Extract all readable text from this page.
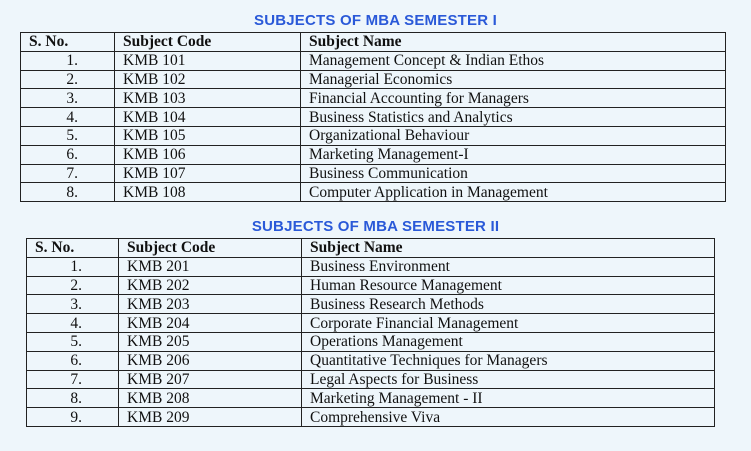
SUBJECTS OF MBA SEMESTER I
S. No.	Subject Code	Subject Name
1.	KMB 101	Management Concept & Indian Ethos
2.	KMB 102	Managerial Economics
3.	KMB 103	Financial Accounting for Managers
4.	KMB 104	Business Statistics and Analytics
5.	KMB 105	Organizational Behaviour
6.	KMB 106	Marketing Management-I
7.	KMB 107	Business Communication
8.	KMB 108	Computer Application in Management
SUBJECTS OF MBA SEMESTER II
S. No.	Subject Code	Subject Name
1.	KMB 201	Business Environment
2.	KMB 202	Human Resource Management
3.	KMB 203	Business Research Methods
4.	KMB 204	Corporate Financial Management
5.	KMB 205	Operations Management
6.	KMB 206	Quantitative Techniques for Managers
7.	KMB 207	Legal Aspects for Business
8.	KMB 208	Marketing Management - II
9.	KMB 209	Comprehensive Viva
